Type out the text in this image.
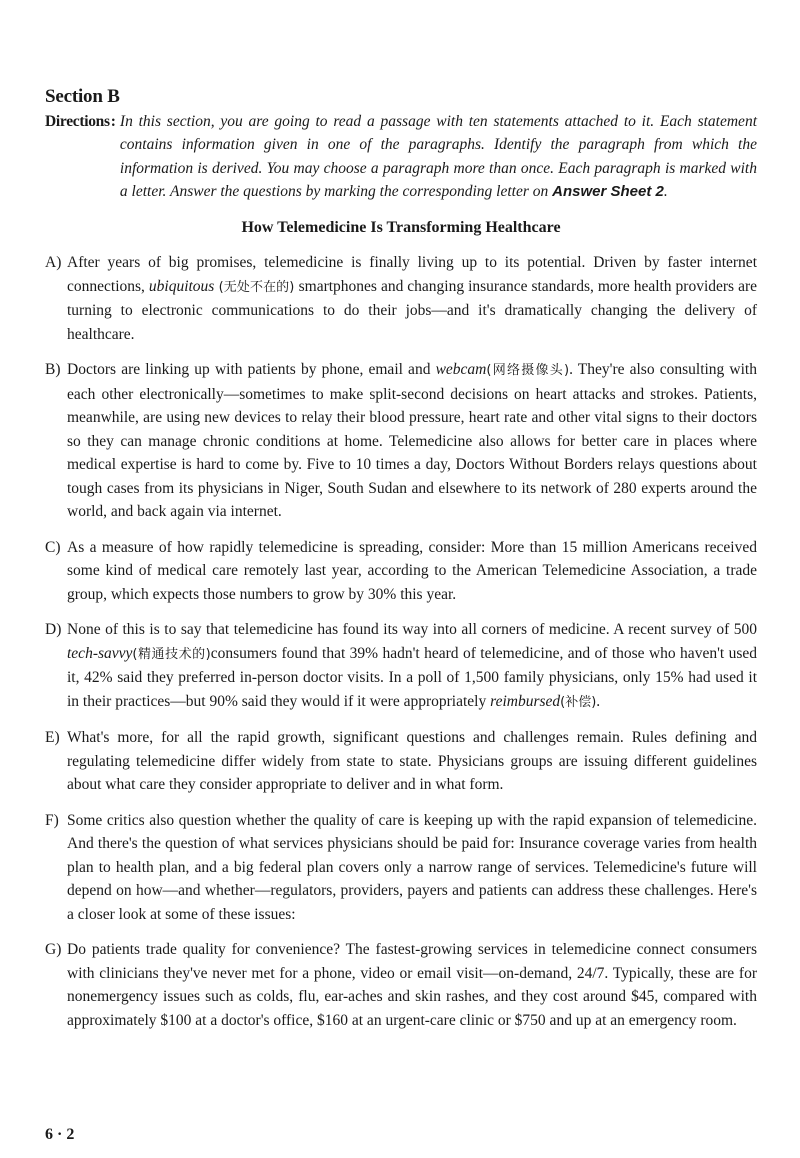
Section B
Directions : In this section, you are going to read a passage with ten statements attached to it. Each statement contains information given in one of the paragraphs. Identify the paragraph from which the information is derived. You may choose a paragraph more than once. Each paragraph is marked with a letter. Answer the questions by marking the corresponding letter on Answer Sheet 2.
How Telemedicine Is Transforming Healthcare
A) After years of big promises, telemedicine is finally living up to its potential. Driven by faster internet connections, ubiquitous (无处不在的) smartphones and changing insurance standards, more health providers are turning to electronic communications to do their jobs—and it's dramatically changing the delivery of healthcare.
B) Doctors are linking up with patients by phone, email and webcam(网络摄像头). They're also consulting with each other electronically—sometimes to make split-second decisions on heart attacks and strokes. Patients, meanwhile, are using new devices to relay their blood pressure, heart rate and other vital signs to their doctors so they can manage chronic conditions at home. Telemedicine also allows for better care in places where medical expertise is hard to come by. Five to 10 times a day, Doctors Without Borders relays questions about tough cases from its physicians in Niger, South Sudan and elsewhere to its network of 280 experts around the world, and back again via internet.
C) As a measure of how rapidly telemedicine is spreading, consider: More than 15 million Americans received some kind of medical care remotely last year, according to the American Telemedicine Association, a trade group, which expects those numbers to grow by 30% this year.
D) None of this is to say that telemedicine has found its way into all corners of medicine. A recent survey of 500 tech-savvy(精通技术的)consumers found that 39% hadn't heard of telemedicine, and of those who haven't used it, 42% said they preferred in-person doctor visits. In a poll of 1,500 family physicians, only 15% had used it in their practices—but 90% said they would if it were appropriately reimbursed(补偿).
E) What's more, for all the rapid growth, significant questions and challenges remain. Rules defining and regulating telemedicine differ widely from state to state. Physicians groups are issuing different guidelines about what care they consider appropriate to deliver and in what form.
F) Some critics also question whether the quality of care is keeping up with the rapid expansion of telemedicine. And there's the question of what services physicians should be paid for: Insurance coverage varies from health plan to health plan, and a big federal plan covers only a narrow range of services. Telemedicine's future will depend on how—and whether—regulators, providers, payers and patients can address these challenges. Here's a closer look at some of these issues:
G) Do patients trade quality for convenience? The fastest-growing services in telemedicine connect consumers with clinicians they've never met for a phone, video or email visit—on-demand, 24/7. Typically, these are for nonemergency issues such as colds, flu, ear-aches and skin rashes, and they cost around $45, compared with approximately $100 at a doctor's office, $160 at an urgent-care clinic or $750 and up at an emergency room.
6 · 2
